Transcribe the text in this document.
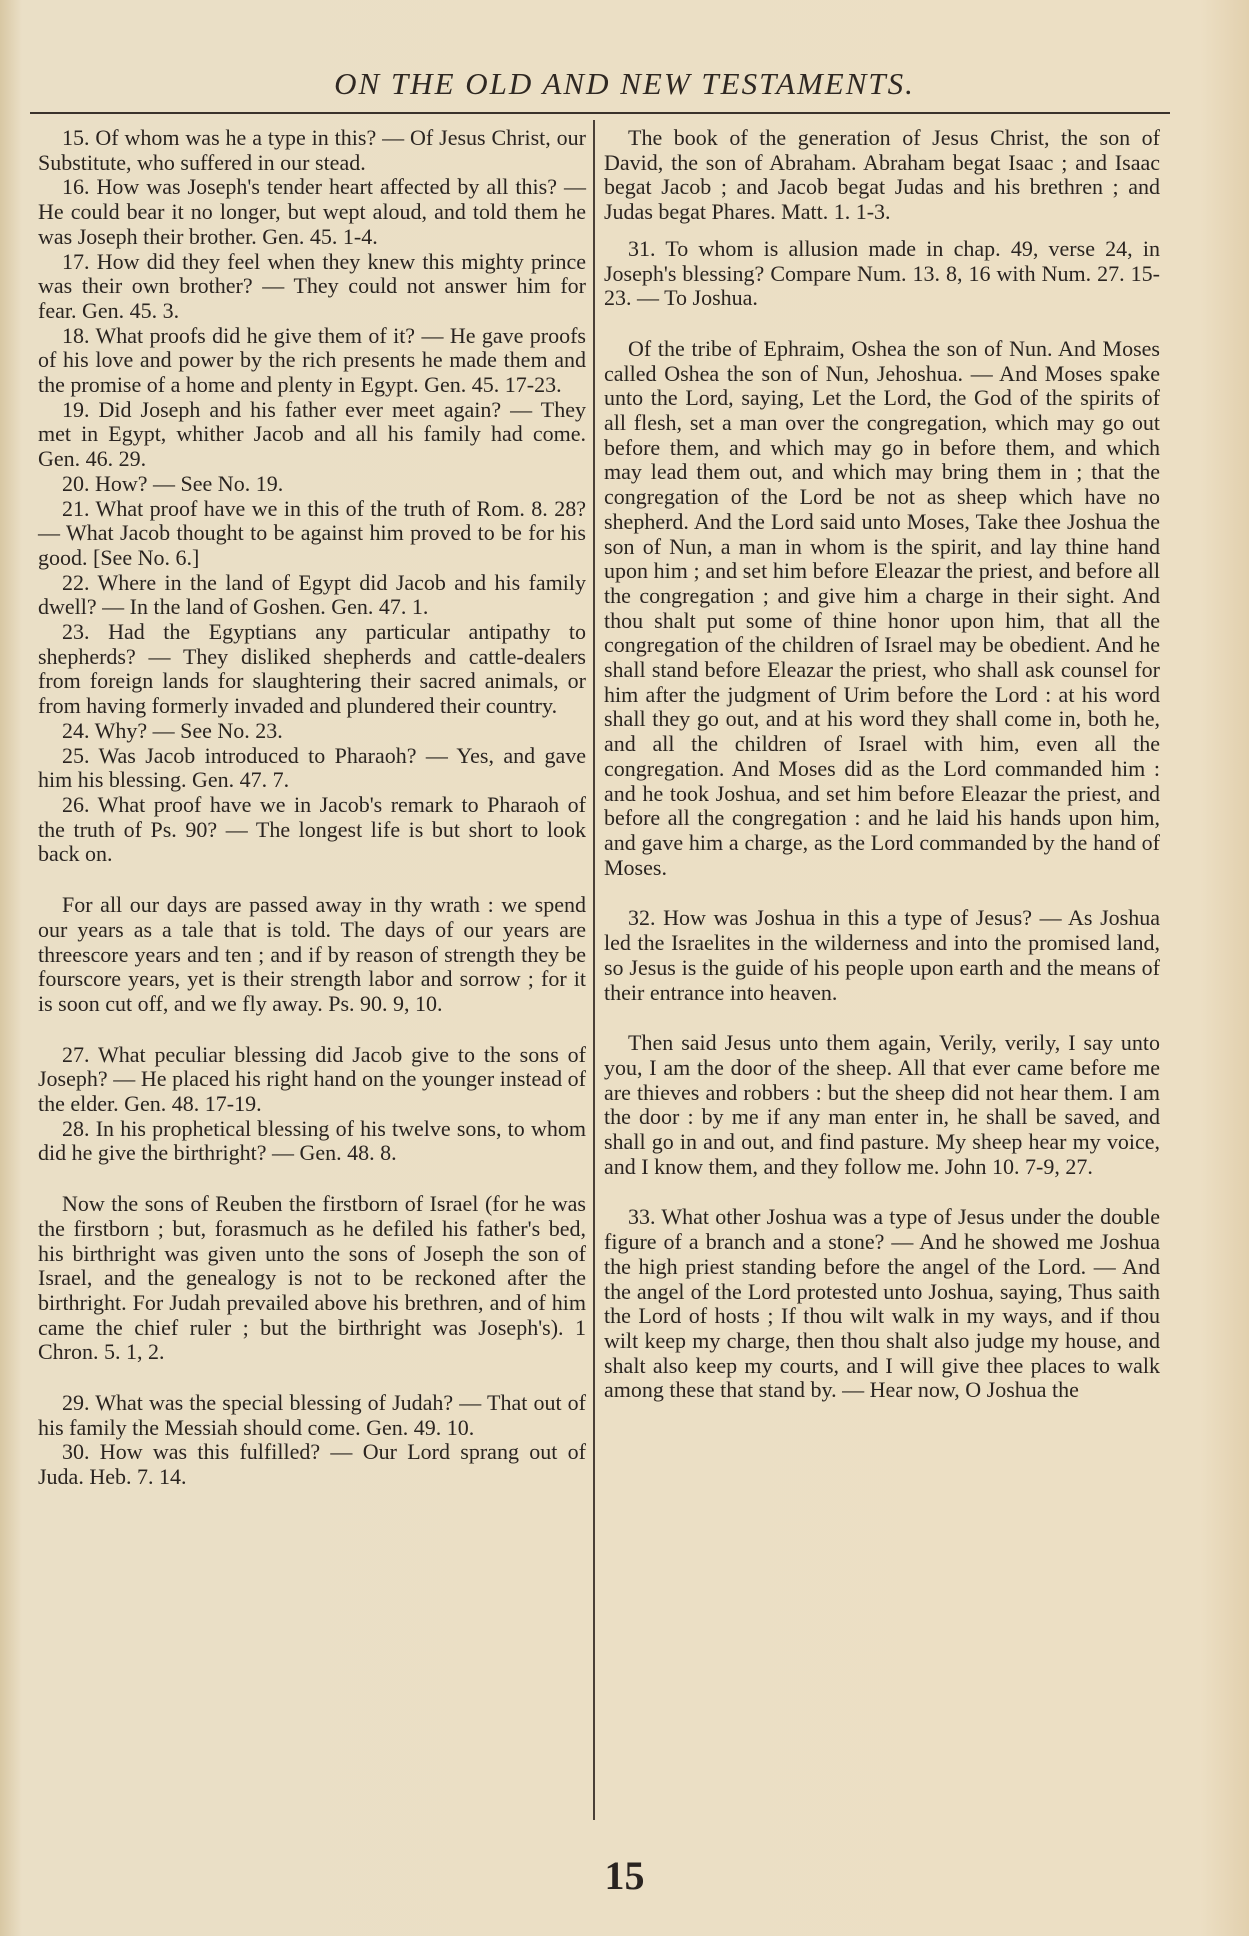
ON THE OLD AND NEW TESTAMENTS.

15. Of whom was he a type in this? — Of Jesus Christ, our Substitute, who suffered in our stead.

16. How was Joseph's tender heart affected by all this? — He could bear it no longer, but wept aloud, and told them he was Joseph their brother. Gen. 45. 1-4.

17. How did they feel when they knew this mighty prince was their own brother? — They could not answer him for fear. Gen. 45. 3.

18. What proofs did he give them of it? — He gave proofs of his love and power by the rich presents he made them and the promise of a home and plenty in Egypt. Gen. 45. 17-23.

19. Did Joseph and his father ever meet again? — They met in Egypt, whither Jacob and all his family had come. Gen. 46. 29.

20. How? — See No. 19.

21. What proof have we in this of the truth of Rom. 8. 28? — What Jacob thought to be against him proved to be for his good. [See No. 6.]

22. Where in the land of Egypt did Jacob and his family dwell? — In the land of Goshen. Gen. 47. 1.

23. Had the Egyptians any particular antipathy to shepherds? — They disliked shepherds and cattle-dealers from foreign lands for slaughtering their sacred animals, or from having formerly invaded and plundered their country.

24. Why? — See No. 23.

25. Was Jacob introduced to Pharaoh? — Yes, and gave him his blessing. Gen. 47. 7.

26. What proof have we in Jacob's remark to Pharaoh of the truth of Ps. 90? — The longest life is but short to look back on.

For all our days are passed away in thy wrath : we spend our years as a tale that is told. The days of our years are threescore years and ten ; and if by reason of strength they be fourscore years, yet is their strength labor and sorrow ; for it is soon cut off, and we fly away. Ps. 90. 9, 10.

27. What peculiar blessing did Jacob give to the sons of Joseph? — He placed his right hand on the younger instead of the elder. Gen. 48. 17-19.

28. In his prophetical blessing of his twelve sons, to whom did he give the birthright? — Gen. 48. 8.

Now the sons of Reuben the firstborn of Israel (for he was the firstborn ; but, forasmuch as he defiled his father's bed, his birthright was given unto the sons of Joseph the son of Israel, and the genealogy is not to be reckoned after the birthright. For Judah prevailed above his brethren, and of him came the chief ruler ; but the birthright was Joseph's). 1 Chron. 5. 1, 2.

29. What was the special blessing of Judah? — That out of his family the Messiah should come. Gen. 49. 10.

30. How was this fulfilled? — Our Lord sprang out of Juda. Heb. 7. 14.

The book of the generation of Jesus Christ, the son of David, the son of Abraham. Abraham begat Isaac ; and Isaac begat Jacob ; and Jacob begat Judas and his brethren ; and Judas begat Phares. Matt. 1. 1-3.

31. To whom is allusion made in chap. 49, verse 24, in Joseph's blessing? Compare Num. 13. 8, 16 with Num. 27. 15-23. — To Joshua.

Of the tribe of Ephraim, Oshea the son of Nun. And Moses called Oshea the son of Nun, Jehoshua. — And Moses spake unto the Lord, saying, Let the Lord, the God of the spirits of all flesh, set a man over the congregation, which may go out before them, and which may go in before them, and which may lead them out, and which may bring them in ; that the congregation of the Lord be not as sheep which have no shepherd. And the Lord said unto Moses, Take thee Joshua the son of Nun, a man in whom is the spirit, and lay thine hand upon him ; and set him before Eleazar the priest, and before all the congregation ; and give him a charge in their sight. And thou shalt put some of thine honor upon him, that all the congregation of the children of Israel may be obedient. And he shall stand before Eleazar the priest, who shall ask counsel for him after the judgment of Urim before the Lord : at his word shall they go out, and at his word they shall come in, both he, and all the children of Israel with him, even all the congregation. And Moses did as the Lord commanded him : and he took Joshua, and set him before Eleazar the priest, and before all the congregation : and he laid his hands upon him, and gave him a charge, as the Lord commanded by the hand of Moses.

32. How was Joshua in this a type of Jesus? — As Joshua led the Israelites in the wilderness and into the promised land, so Jesus is the guide of his people upon earth and the means of their entrance into heaven.

Then said Jesus unto them again, Verily, verily, I say unto you, I am the door of the sheep. All that ever came before me are thieves and robbers : but the sheep did not hear them. I am the door : by me if any man enter in, he shall be saved, and shall go in and out, and find pasture. My sheep hear my voice, and I know them, and they follow me. John 10. 7-9, 27.

33. What other Joshua was a type of Jesus under the double figure of a branch and a stone? — And he showed me Joshua the high priest standing before the angel of the Lord. — And the angel of the Lord protested unto Joshua, saying, Thus saith the Lord of hosts ; If thou wilt walk in my ways, and if thou wilt keep my charge, then thou shalt also judge my house, and shalt also keep my courts, and I will give thee places to walk among these that stand by. — Hear now, O Joshua the

15
